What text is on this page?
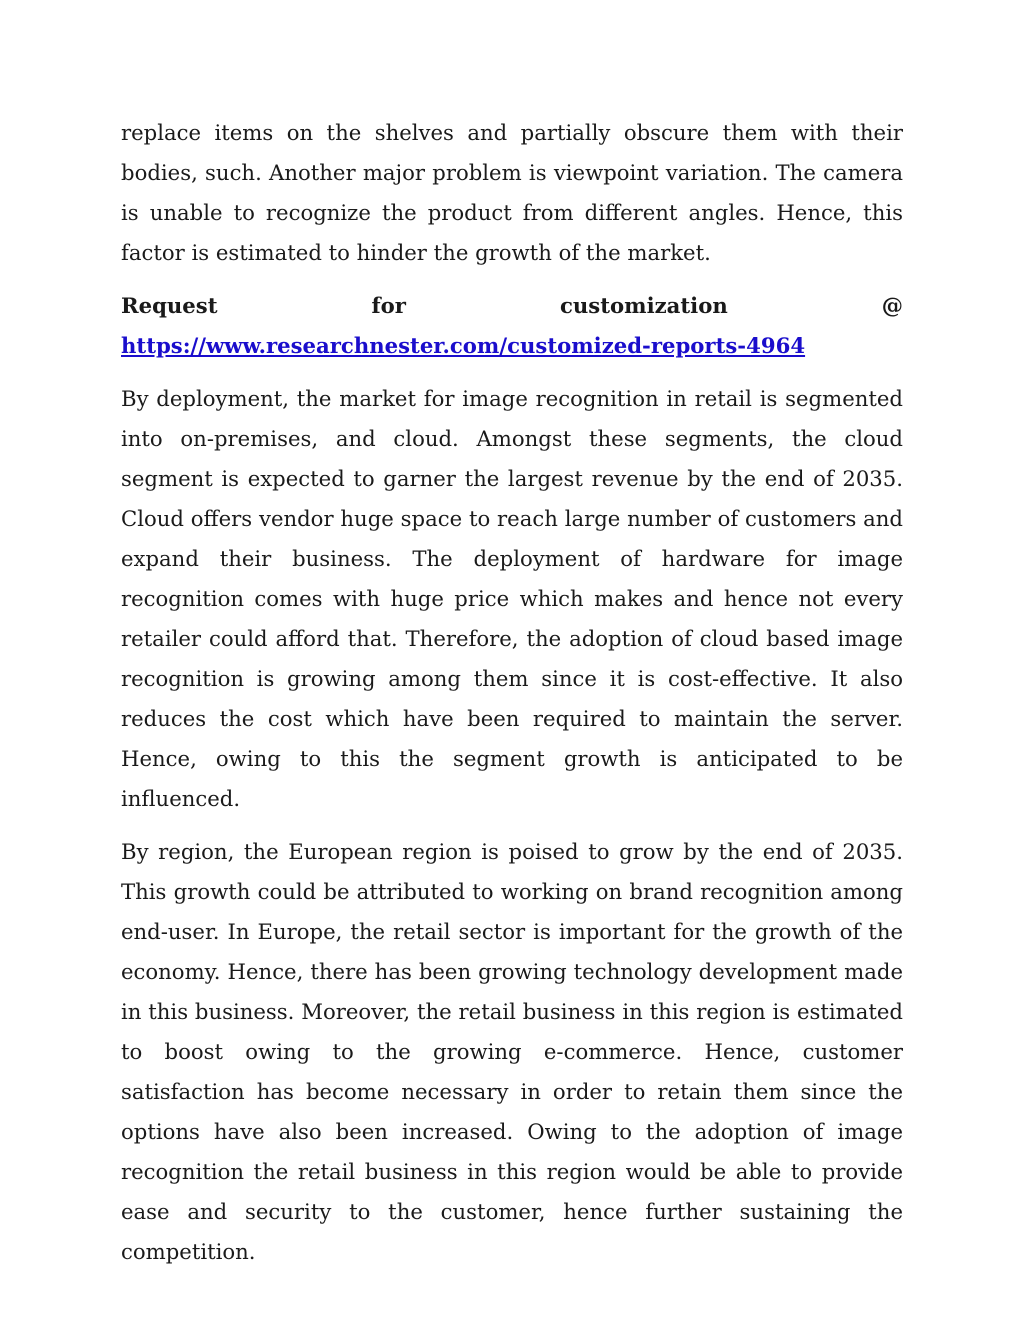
replace items on the shelves and partially obscure them with their bodies, such. Another major problem is viewpoint variation. The camera is unable to recognize the product from different angles. Hence, this factor is estimated to hinder the growth of the market.

Request	for	customization	@
https://www.researchnester.com/customized-reports-4964

By deployment, the market for image recognition in retail is segmented into on-premises, and cloud. Amongst these segments, the cloud segment is expected to garner the largest revenue by the end of 2035. Cloud offers vendor huge space to reach large number of customers and expand their business. The deployment of hardware for image recognition comes with huge price which makes and hence not every retailer could afford that. Therefore, the adoption of cloud based image recognition is growing among them since it is cost-effective. It also reduces the cost which have been required to maintain the server. Hence, owing to this the segment growth is anticipated to be influenced.

By region, the European region is poised to grow by the end of 2035. This growth could be attributed to working on brand recognition among end-user. In Europe, the retail sector is important for the growth of the economy. Hence, there has been growing technology development made in this business. Moreover, the retail business in this region is estimated to boost owing to the growing e-commerce. Hence, customer satisfaction has become necessary in order to retain them since the options have also been increased. Owing to the adoption of image recognition the retail business in this region would be able to provide ease and security to the customer, hence further sustaining the competition.
